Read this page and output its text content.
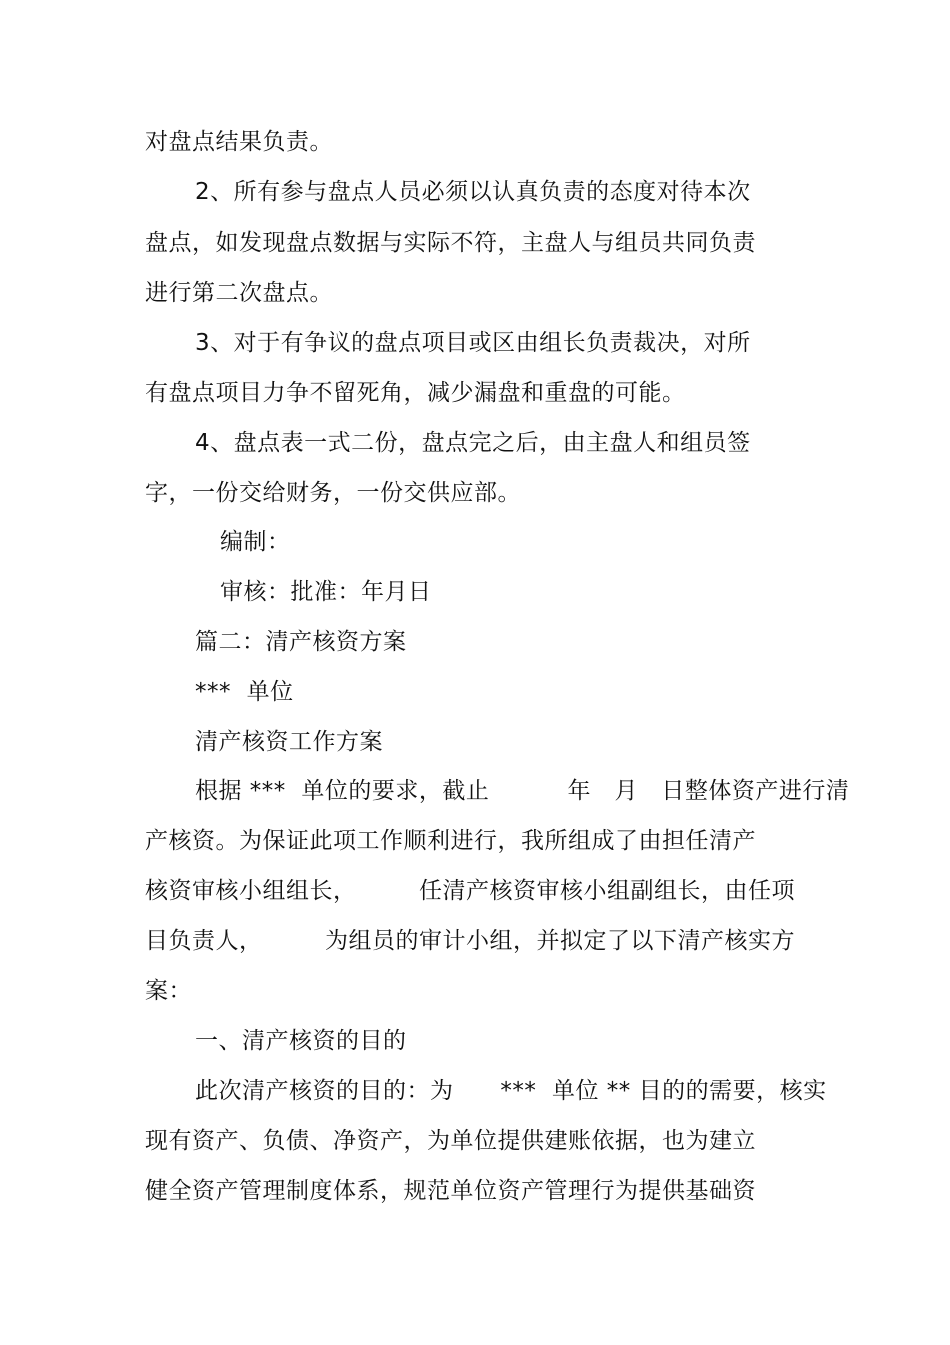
对盘点结果负责。
2、所有参与盘点人员必须以认真负责的态度对待本次
盘点，如发现盘点数据与实际不符，主盘人与组员共同负责
进行第二次盘点。
3、对于有争议的盘点项目或区由组长负责裁决，对所
有盘点项目力争不留死角，减少漏盘和重盘的可能。
4、盘点表一式二份，盘点完之后，由主盘人和组员签
字，一份交给财务，一份交供应部。
编制：
审核：批准：年月日
篇二：清产核资方案
***  单位
清产核资工作方案
根据 ***  单位的要求，截止          年   月   日整体资产进行清
产核资。为保证此项工作顺利进行，我所组成了由担任清产
核资审核小组组长，        任清产核资审核小组副组长，由任项
目负责人，        为组员的审计小组，并拟定了以下清产核实方
案：
一、清产核资的目的
此次清产核资的目的：为      ***  单位 ** 目的的需要，核实
现有资产、负债、净资产，为单位提供建账依据，也为建立
健全资产管理制度体系，规范单位资产管理行为提供基础资
